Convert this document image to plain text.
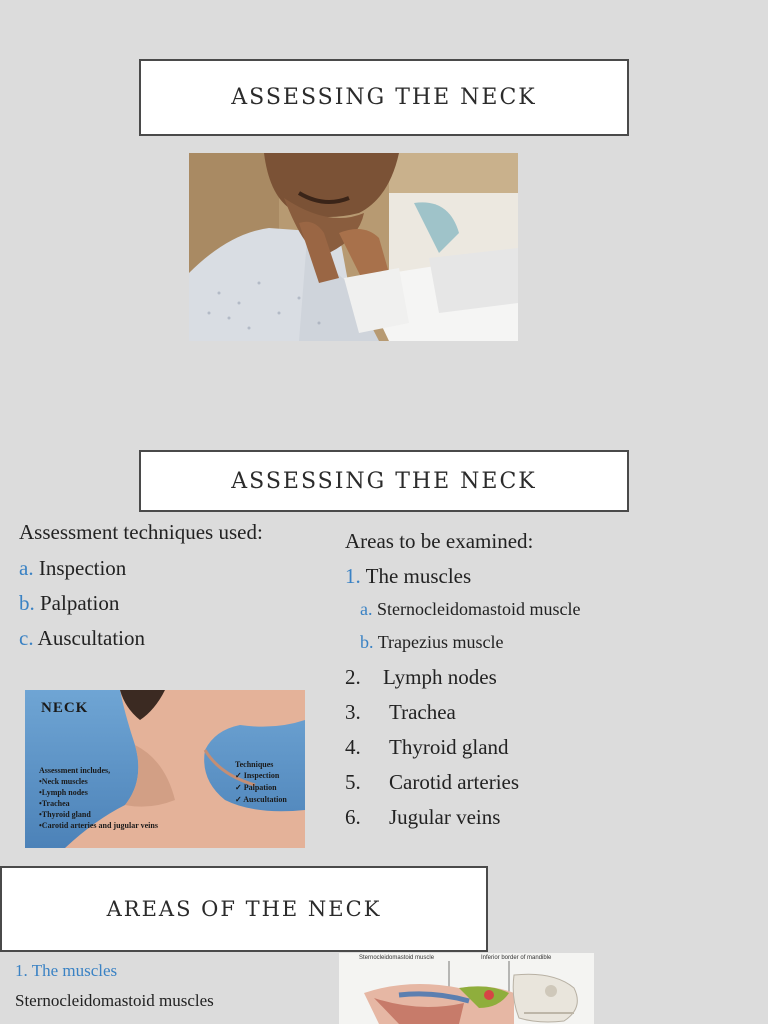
ASSESSING THE NECK
ASSESSING THE NECK
Assessment techniques used:
a. Inspection
b. Palpation
c. Auscultation
NECK
Assessment includes,
•Neck muscles
•Lymph nodes
•Trachea
•Thyroid gland
•Carotid arteries and jugular veins
Techniques
✓ Inspection
✓ Palpation
✓ Auscultation
Areas to be examined:
1. The muscles
a. Sternocleidomastoid muscle
b. Trapezius muscle
2. Lymph nodes
3. Trachea
4. Thyroid gland
5. Carotid arteries
6. Jugular veins
AREAS OF THE NECK
1. The muscles
Sternocleidomastoid muscles
Sternocleidomastoid muscle	Inferior border of mandible
